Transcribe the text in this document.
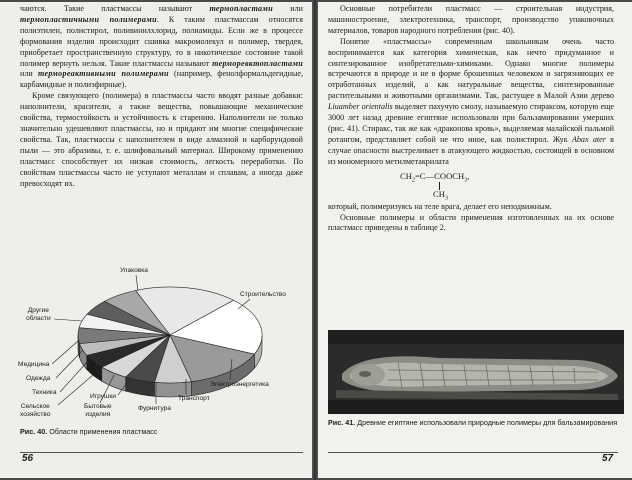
чаются. Такие пластмассы называют термопластами или термопластичными полимерами. К таким пластмассам относятся полиэтилен, полистирол, поливинилхлорид, полиамиды. Если же в процессе формования изделия происходит сшивка макромолекул и полимер, твердея, приобретает пространственную структуру, то в никотическое состояние такой полимер вернуть нельзя. Такие пластмассы называют терморевктопластами или термореактивными полимерами (например, фенолформальдегидные, карбамидные и полиэфирные).

Кроме связующего (полимера) в пластмассы часто вводят разные добавки: наполнители, красители, а также вещества, повышающие механические свойства, термостойкость и устойчивость к старению. Наполнители не только значительно удешевляют пластмассы, но и придают им многие специфические свойства. Так, пластмассы с наполнителем в виде алмазной и карборундовой пыли — это абразивы, т. е. шлифовальный материал. Широкому применению пластмасс способствует их низкая стоимость, легкость переработки. По свойствам пластмассы часто не уступают металлам и сплавам, а иногда даже превосходят их.

Упаковка
Строительство
Электроэнергетика
Транспорт
Фурнитура
Игрушки
Бытовые
изделия
Сельское
хозяйство
Техника
Одежда
Медицина
Другие
области
Рис. 40. Области применения пластмасс
56

Основные потребители пластмасс — строительная индустрия, машиностроение, электротехника, транспорт, производство упаковочных материалов, товаров народного потребления (рис. 40).

Понятие «пластмассы» современным школьникам очень часто воспринимается как категория химическая, как нечто придуманное и синтезированное изобретательми-химиками. Однако многие полимеры встречаются в природе и не в форме брошенных человеком и загрязняющих ее отработанных изделий, а как натуральные вещества, синтезированные растительными и животными организмами. Так, растущее в Малой Азии дерево Liuamber orientalis выделяет пахучую смолу, называемую стираксом, которую еще 3000 лет назад древние египтяне использовали при бальзамировании умерших (рис. 41). Стиракс, так же как «драконова кровь», выделяемая малайской пальмой ротангом, представляет собой не что иное, как полистирол. Жук Abax ater в случае опасности выстреливает в атакующего жидкостью, состоящей в основном из мономерного метилметакрилата

$CH_2=C—COOCH_3$,
$CH_3$

который, полимеризуясь на теле врага, делает его неподвижным.

Основные полимеры и области применения изготовленных на их основе пластмасс приведены в таблице 2.

Рис. 41. Древние египтяне использовали природные полимеры для бальзамирования
57
